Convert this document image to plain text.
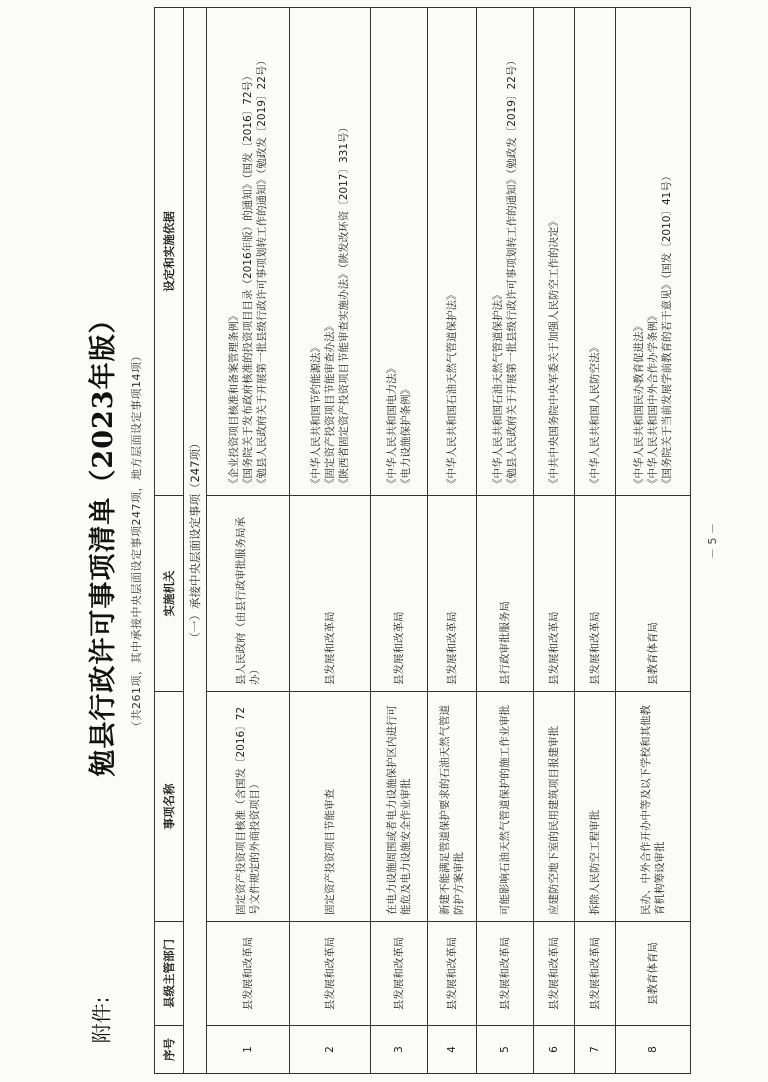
附件:
－ 5 －
勉县行政许可事项清单（2023年版） （共261项，其中承接中央层面设定事项247项，地方层面设定事项14项）
序号	县级主管部门	事项名称	实施机关	设定和实施依据
（一）承接中央层面设定事项（247项）				
1	县发展和改革局	固定资产投资项目核准（含国发〔2016〕72号文件规定的外商投资项目）	县人民政府（由县行政审批服务局承办）	《企业投资项目核准和备案管理条例》 《国务院关于发布政府核准的投资项目目录（2016年版）的通知》（国发〔2016〕72号） 《勉县人民政府关于开展第一批县级行政许可事项划转工作的通知》（勉政发〔2019〕22号）

2	县发展和改革局	固定资产投资项目节能审查	县发展和改革局	《中华人民共和国节约能源法》 《固定资产投资项目节能审查办法》 《陕西省固定资产投资项目节能审查实施办法》（陕发改环资〔2017〕331号）

3	县发展和改革局	在电力设施周围或者电力设施保护区内进行可能危及电力设施安全作业审批	县发展和改革局	《中华人民共和国电力法》 《电力设施保护条例》

4	县发展和改革局	新建不能满足管道保护要求的石油天然气管道防护方案审批	县发展和改革局	《中华人民共和国石油天然气管道保护法》

5	县发展和改革局	可能影响石油天然气管道保护的施工作业审批	县行政审批服务局	《中华人民共和国石油天然气管道保护法》 《勉县人民政府关于开展第一批县级行政许可事项划转工作的通知》（勉政发〔2019〕22号）

6	县发展和改革局	应建防空地下室的民用建筑项目报建审批	县发展和改革局	《中共中央国务院中央军委关于加强人民防空工作的决定》

7	县发展和改革局	拆除人民防空工程审批	县发展和改革局	《中华人民共和国人民防空法》

8	县教育体育局	民办、中外合作开办中等及以下学校和其他教育机构筹设审批	县教育体育局	《中华人民共和国民办教育促进法》 《中华人民共和国中外合作办学条例》 《国务院关于当前发展学前教育的若干意见》（国发〔2010〕41号）
